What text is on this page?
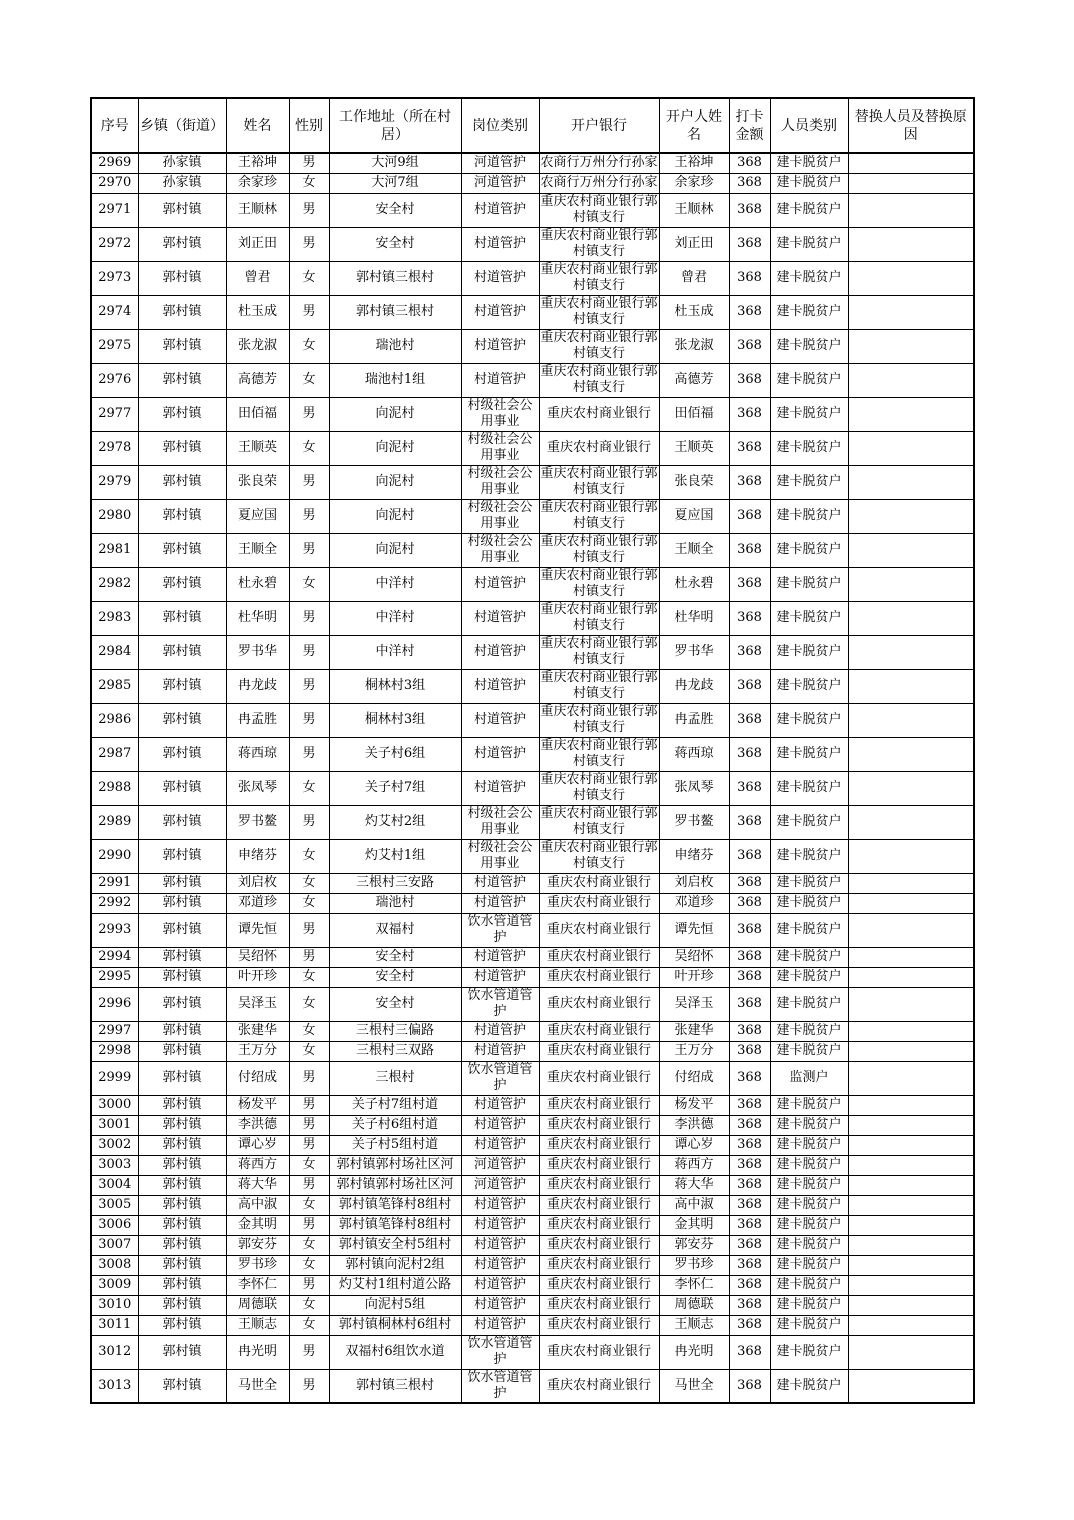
序号	乡镇（街道）	姓名	性别	工作地址（所在村居）	岗位类别	开户银行	开户人姓名	打卡金额	人员类别	替换人员及替换原因
2969	孙家镇	王裕坤	男	大河9组	河道管护	农商行万州分行孙家	王裕坤	368	建卡脱贫户	
2970	孙家镇	余家珍	女	大河7组	河道管护	农商行万州分行孙家	余家珍	368	建卡脱贫户	
2971	郭村镇	王顺林	男	安全村	村道管护	重庆农村商业银行郭村镇支行	王顺林	368	建卡脱贫户	
2972	郭村镇	刘正田	男	安全村	村道管护	重庆农村商业银行郭村镇支行	刘正田	368	建卡脱贫户	
2973	郭村镇	曾君	女	郭村镇三根村	村道管护	重庆农村商业银行郭村镇支行	曾君	368	建卡脱贫户	
2974	郭村镇	杜玉成	男	郭村镇三根村	村道管护	重庆农村商业银行郭村镇支行	杜玉成	368	建卡脱贫户	
2975	郭村镇	张龙淑	女	瑞池村	村道管护	重庆农村商业银行郭村镇支行	张龙淑	368	建卡脱贫户	
2976	郭村镇	高德芳	女	瑞池村1组	村道管护	重庆农村商业银行郭村镇支行	高德芳	368	建卡脱贫户	
2977	郭村镇	田佰福	男	向泥村	村级社会公用事业	重庆农村商业银行	田佰福	368	建卡脱贫户	
2978	郭村镇	王顺英	女	向泥村	村级社会公用事业	重庆农村商业银行	王顺英	368	建卡脱贫户	
2979	郭村镇	张良荣	男	向泥村	村级社会公用事业	重庆农村商业银行郭村镇支行	张良荣	368	建卡脱贫户	
2980	郭村镇	夏应国	男	向泥村	村级社会公用事业	重庆农村商业银行郭村镇支行	夏应国	368	建卡脱贫户	
2981	郭村镇	王顺全	男	向泥村	村级社会公用事业	重庆农村商业银行郭村镇支行	王顺全	368	建卡脱贫户	
2982	郭村镇	杜永碧	女	中洋村	村道管护	重庆农村商业银行郭村镇支行	杜永碧	368	建卡脱贫户	
2983	郭村镇	杜华明	男	中洋村	村道管护	重庆农村商业银行郭村镇支行	杜华明	368	建卡脱贫户	
2984	郭村镇	罗书华	男	中洋村	村道管护	重庆农村商业银行郭村镇支行	罗书华	368	建卡脱贫户	
2985	郭村镇	冉龙歧	男	桐林村3组	村道管护	重庆农村商业银行郭村镇支行	冉龙歧	368	建卡脱贫户	
2986	郭村镇	冉孟胜	男	桐林村3组	村道管护	重庆农村商业银行郭村镇支行	冉孟胜	368	建卡脱贫户	
2987	郭村镇	蒋西琼	男	关子村6组	村道管护	重庆农村商业银行郭村镇支行	蒋西琼	368	建卡脱贫户	
2988	郭村镇	张凤琴	女	关子村7组	村道管护	重庆农村商业银行郭村镇支行	张凤琴	368	建卡脱贫户	
2989	郭村镇	罗书鳌	男	灼艾村2组	村级社会公用事业	重庆农村商业银行郭村镇支行	罗书鳌	368	建卡脱贫户	
2990	郭村镇	申绪芬	女	灼艾村1组	村级社会公用事业	重庆农村商业银行郭村镇支行	申绪芬	368	建卡脱贫户	
2991	郭村镇	刘启枚	女	三根村三安路	村道管护	重庆农村商业银行	刘启枚	368	建卡脱贫户	
2992	郭村镇	邓道珍	女	瑞池村	村道管护	重庆农村商业银行	邓道珍	368	建卡脱贫户	
2993	郭村镇	谭先恒	男	双福村	饮水管道管护	重庆农村商业银行	谭先恒	368	建卡脱贫户	
2994	郭村镇	吴绍怀	男	安全村	村道管护	重庆农村商业银行	吴绍怀	368	建卡脱贫户	
2995	郭村镇	叶开珍	女	安全村	村道管护	重庆农村商业银行	叶开珍	368	建卡脱贫户	
2996	郭村镇	吴泽玉	女	安全村	饮水管道管护	重庆农村商业银行	吴泽玉	368	建卡脱贫户	
2997	郭村镇	张建华	女	三根村三偏路	村道管护	重庆农村商业银行	张建华	368	建卡脱贫户	
2998	郭村镇	王万分	女	三根村三双路	村道管护	重庆农村商业银行	王万分	368	建卡脱贫户	
2999	郭村镇	付绍成	男	三根村	饮水管道管护	重庆农村商业银行	付绍成	368	监测户	
3000	郭村镇	杨发平	男	关子村7组村道	村道管护	重庆农村商业银行	杨发平	368	建卡脱贫户	
3001	郭村镇	李洪德	男	关子村6组村道	村道管护	重庆农村商业银行	李洪德	368	建卡脱贫户	
3002	郭村镇	谭心岁	男	关子村5组村道	村道管护	重庆农村商业银行	谭心岁	368	建卡脱贫户	
3003	郭村镇	蒋西方	女	郭村镇郭村场社区河	河道管护	重庆农村商业银行	蒋西方	368	建卡脱贫户	
3004	郭村镇	蒋大华	男	郭村镇郭村场社区河	河道管护	重庆农村商业银行	蒋大华	368	建卡脱贫户	
3005	郭村镇	高中淑	女	郭村镇笔锋村8组村	村道管护	重庆农村商业银行	高中淑	368	建卡脱贫户	
3006	郭村镇	金其明	男	郭村镇笔锋村8组村	村道管护	重庆农村商业银行	金其明	368	建卡脱贫户	
3007	郭村镇	郭安芬	女	郭村镇安全村5组村	村道管护	重庆农村商业银行	郭安芬	368	建卡脱贫户	
3008	郭村镇	罗书珍	女	郭村镇向泥村2组	村道管护	重庆农村商业银行	罗书珍	368	建卡脱贫户	
3009	郭村镇	李怀仁	男	灼艾村1组村道公路	村道管护	重庆农村商业银行	李怀仁	368	建卡脱贫户	
3010	郭村镇	周德联	女	向泥村5组	村道管护	重庆农村商业银行	周德联	368	建卡脱贫户	
3011	郭村镇	王顺志	女	郭村镇桐林村6组村	村道管护	重庆农村商业银行	王顺志	368	建卡脱贫户	
3012	郭村镇	冉光明	男	双福村6组饮水道	饮水管道管护	重庆农村商业银行	冉光明	368	建卡脱贫户	
3013	郭村镇	马世全	男	郭村镇三根村	饮水管道管护	重庆农村商业银行	马世全	368	建卡脱贫户	
